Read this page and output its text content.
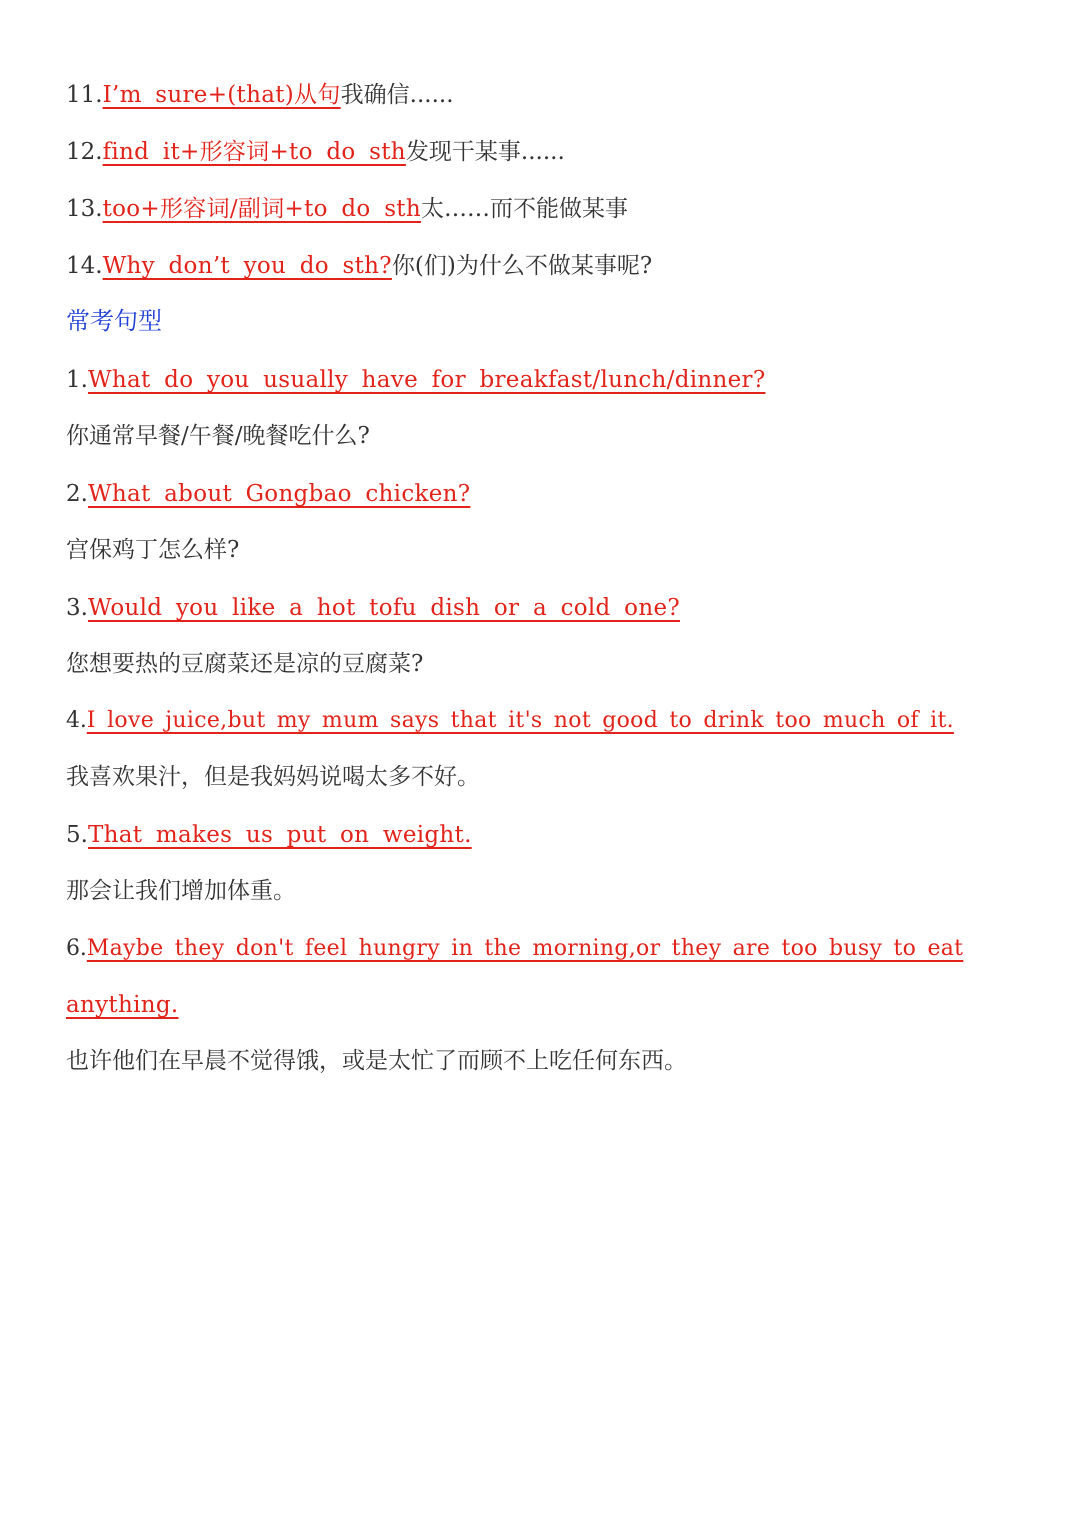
11.I’m sure+(that)从句我确信......
12.find it+形容词+to do sth发现干某事......
13.too+形容词/副词+to do sth太……而不能做某事
14.Why don’t you do sth?你(们)为什么不做某事呢?
常考句型
1.What do you usually have for breakfast/lunch/dinner?
你通常早餐/午餐/晚餐吃什么?
2.What about Gongbao chicken?
宫保鸡丁怎么样?
3.Would you like a hot tofu dish or a cold one?
您想要热的豆腐菜还是凉的豆腐菜?
4.I love juice,but my mum says that it's not good to drink too much of it.
我喜欢果汁，但是我妈妈说喝太多不好。
5.That makes us put on weight.
那会让我们增加体重。
6.Maybe they don't feel hungry in the morning,or they are too busy to eat
anything.
也许他们在早晨不觉得饿，或是太忙了而顾不上吃任何东西。
